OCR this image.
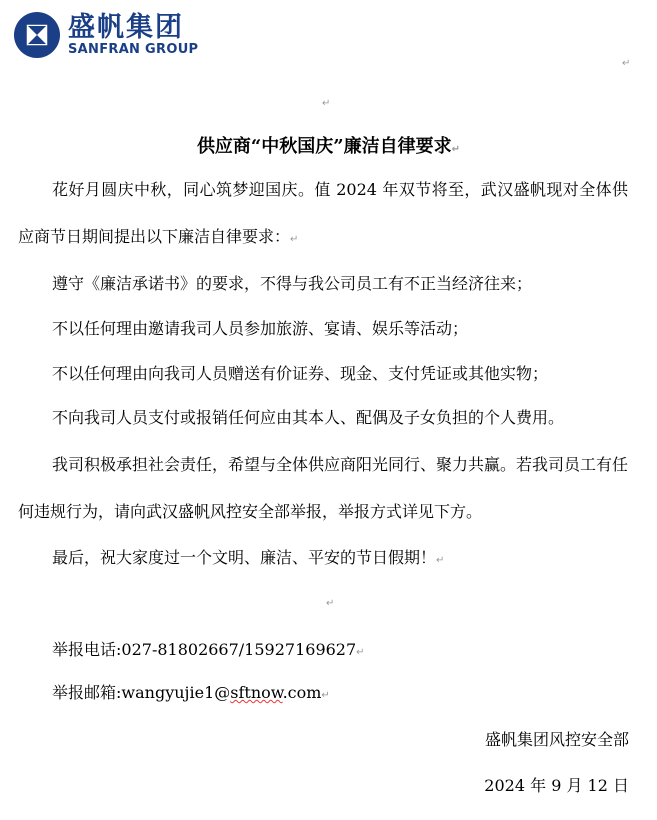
盛帆集团
SANFRAN GROUP
↵
↵
供应商“中秋国庆”廉洁自律要求↵
花好月圆庆中秋，同心筑梦迎国庆。值 2024 年双节将至，武汉盛帆现对全体供应商节日期间提出以下廉洁自律要求：↵
遵守《廉洁承诺书》的要求，不得与我公司员工有不正当经济往来；
不以任何理由邀请我司人员参加旅游、宴请、娱乐等活动；
不以任何理由向我司人员赠送有价证券、现金、支付凭证或其他实物；
不向我司人员支付或报销任何应由其本人、配偶及子女负担的个人费用。
我司积极承担社会责任，希望与全体供应商阳光同行、聚力共赢。若我司员工有任何违规行为，请向武汉盛帆风控安全部举报，举报方式详见下方。
最后，祝大家度过一个文明、廉洁、平安的节日假期！↵
↵
举报电话:027-81802667/15927169627↵
举报邮箱:wangyujie1@sftnow.com↵
盛帆集团风控安全部
2024 年 9 月 12 日
